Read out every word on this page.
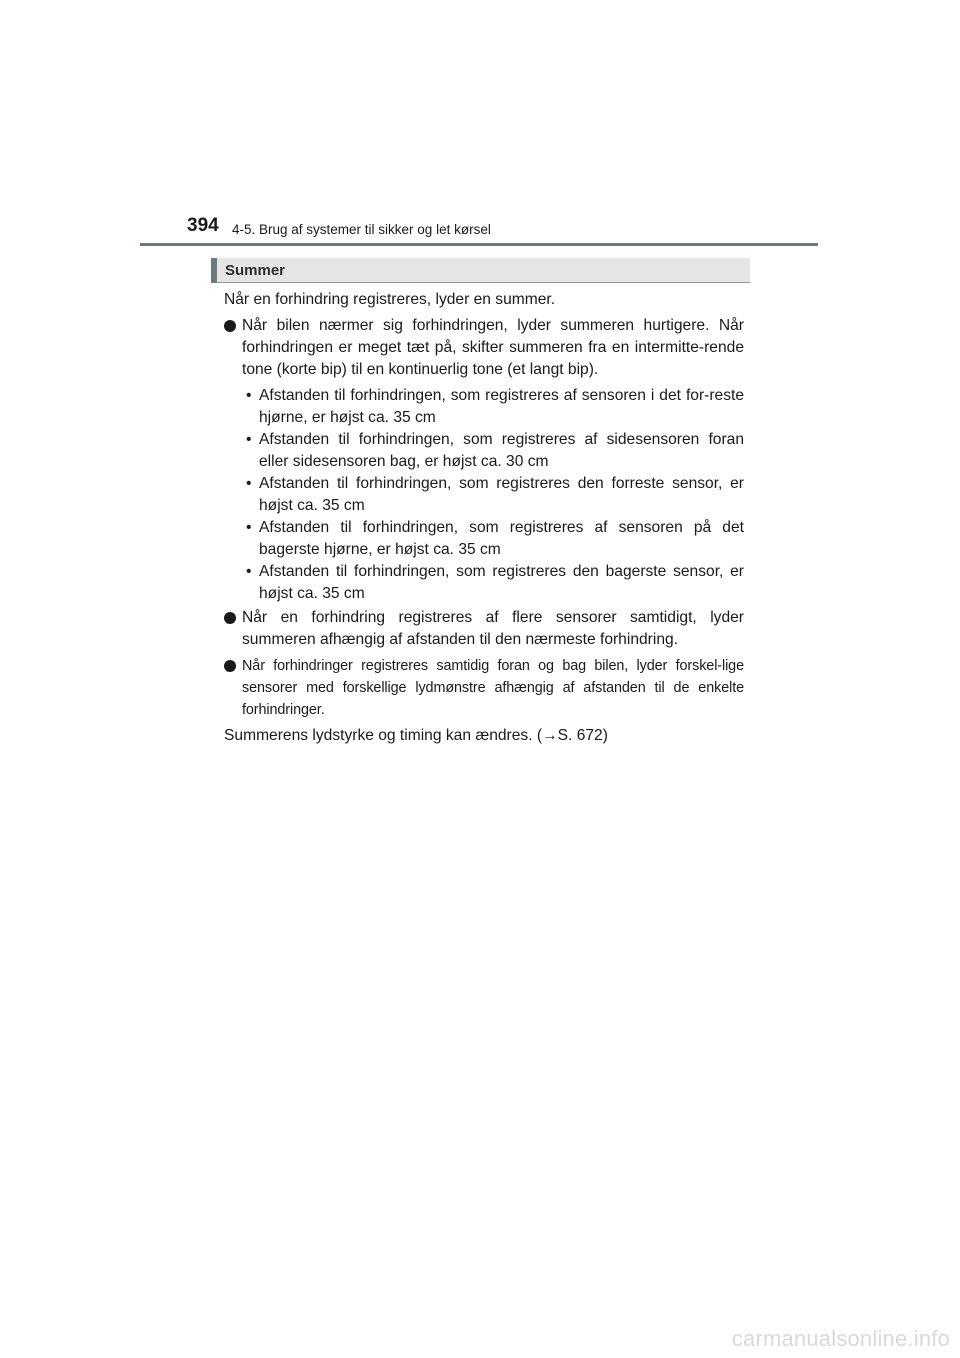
394 4-5. Brug af systemer til sikker og let kørsel
Summer

Når en forhindring registreres, lyder en summer.

Når bilen nærmer sig forhindringen, lyder summeren hurtigere. Når forhindringen er meget tæt på, skifter summeren fra en intermitte-rende tone (korte bip) til en kontinuerlig tone (et langt bip).

• Afstanden til forhindringen, som registreres af sensoren i det for-reste hjørne, er højst ca. 35 cm

• Afstanden til forhindringen, som registreres af sidesensoren foran eller sidesensoren bag, er højst ca. 30 cm

• Afstanden til forhindringen, som registreres den forreste sensor, er højst ca. 35 cm

• Afstanden til forhindringen, som registreres af sensoren på det bagerste hjørne, er højst ca. 35 cm

• Afstanden til forhindringen, som registreres den bagerste sensor, er højst ca. 35 cm

Når en forhindring registreres af flere sensorer samtidigt, lyder summeren afhængig af afstanden til den nærmeste forhindring.

Når forhindringer registreres samtidig foran og bag bilen, lyder forskel-lige sensorer med forskellige lydmønstre afhængig af afstanden til de enkelte forhindringer.

Summerens lydstyrke og timing kan ændres. (→S. 672)

carmanualsonline.info
